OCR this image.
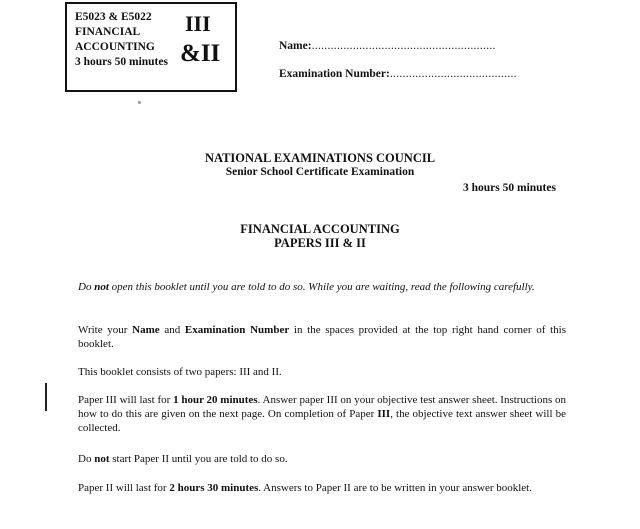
E5023 & E5022
FINANCIAL
ACCOUNTING
3 hours 50 minutes
III
&II	Name:..........................................................
Examination Number:........................................
NATIONAL EXAMINATIONS COUNCIL
Senior School Certificate Examination
3 hours 50 minutes
FINANCIAL ACCOUNTING
PAPERS III & II
Do not open this booklet until you are told to do so. While you are waiting, read the following carefully.
Write your Name and Examination Number in the spaces provided at the top right hand corner of this booklet.
This booklet consists of two papers: III and II.
Paper III will last for 1 hour 20 minutes. Answer paper III on your objective test answer sheet. Instructions on how to do this are given on the next page. On completion of Paper III, the objective text answer sheet will be collected.
Do not start Paper II until you are told to do so.
Paper II will last for 2 hours 30 minutes. Answers to Paper II are to be written in your answer booklet.
